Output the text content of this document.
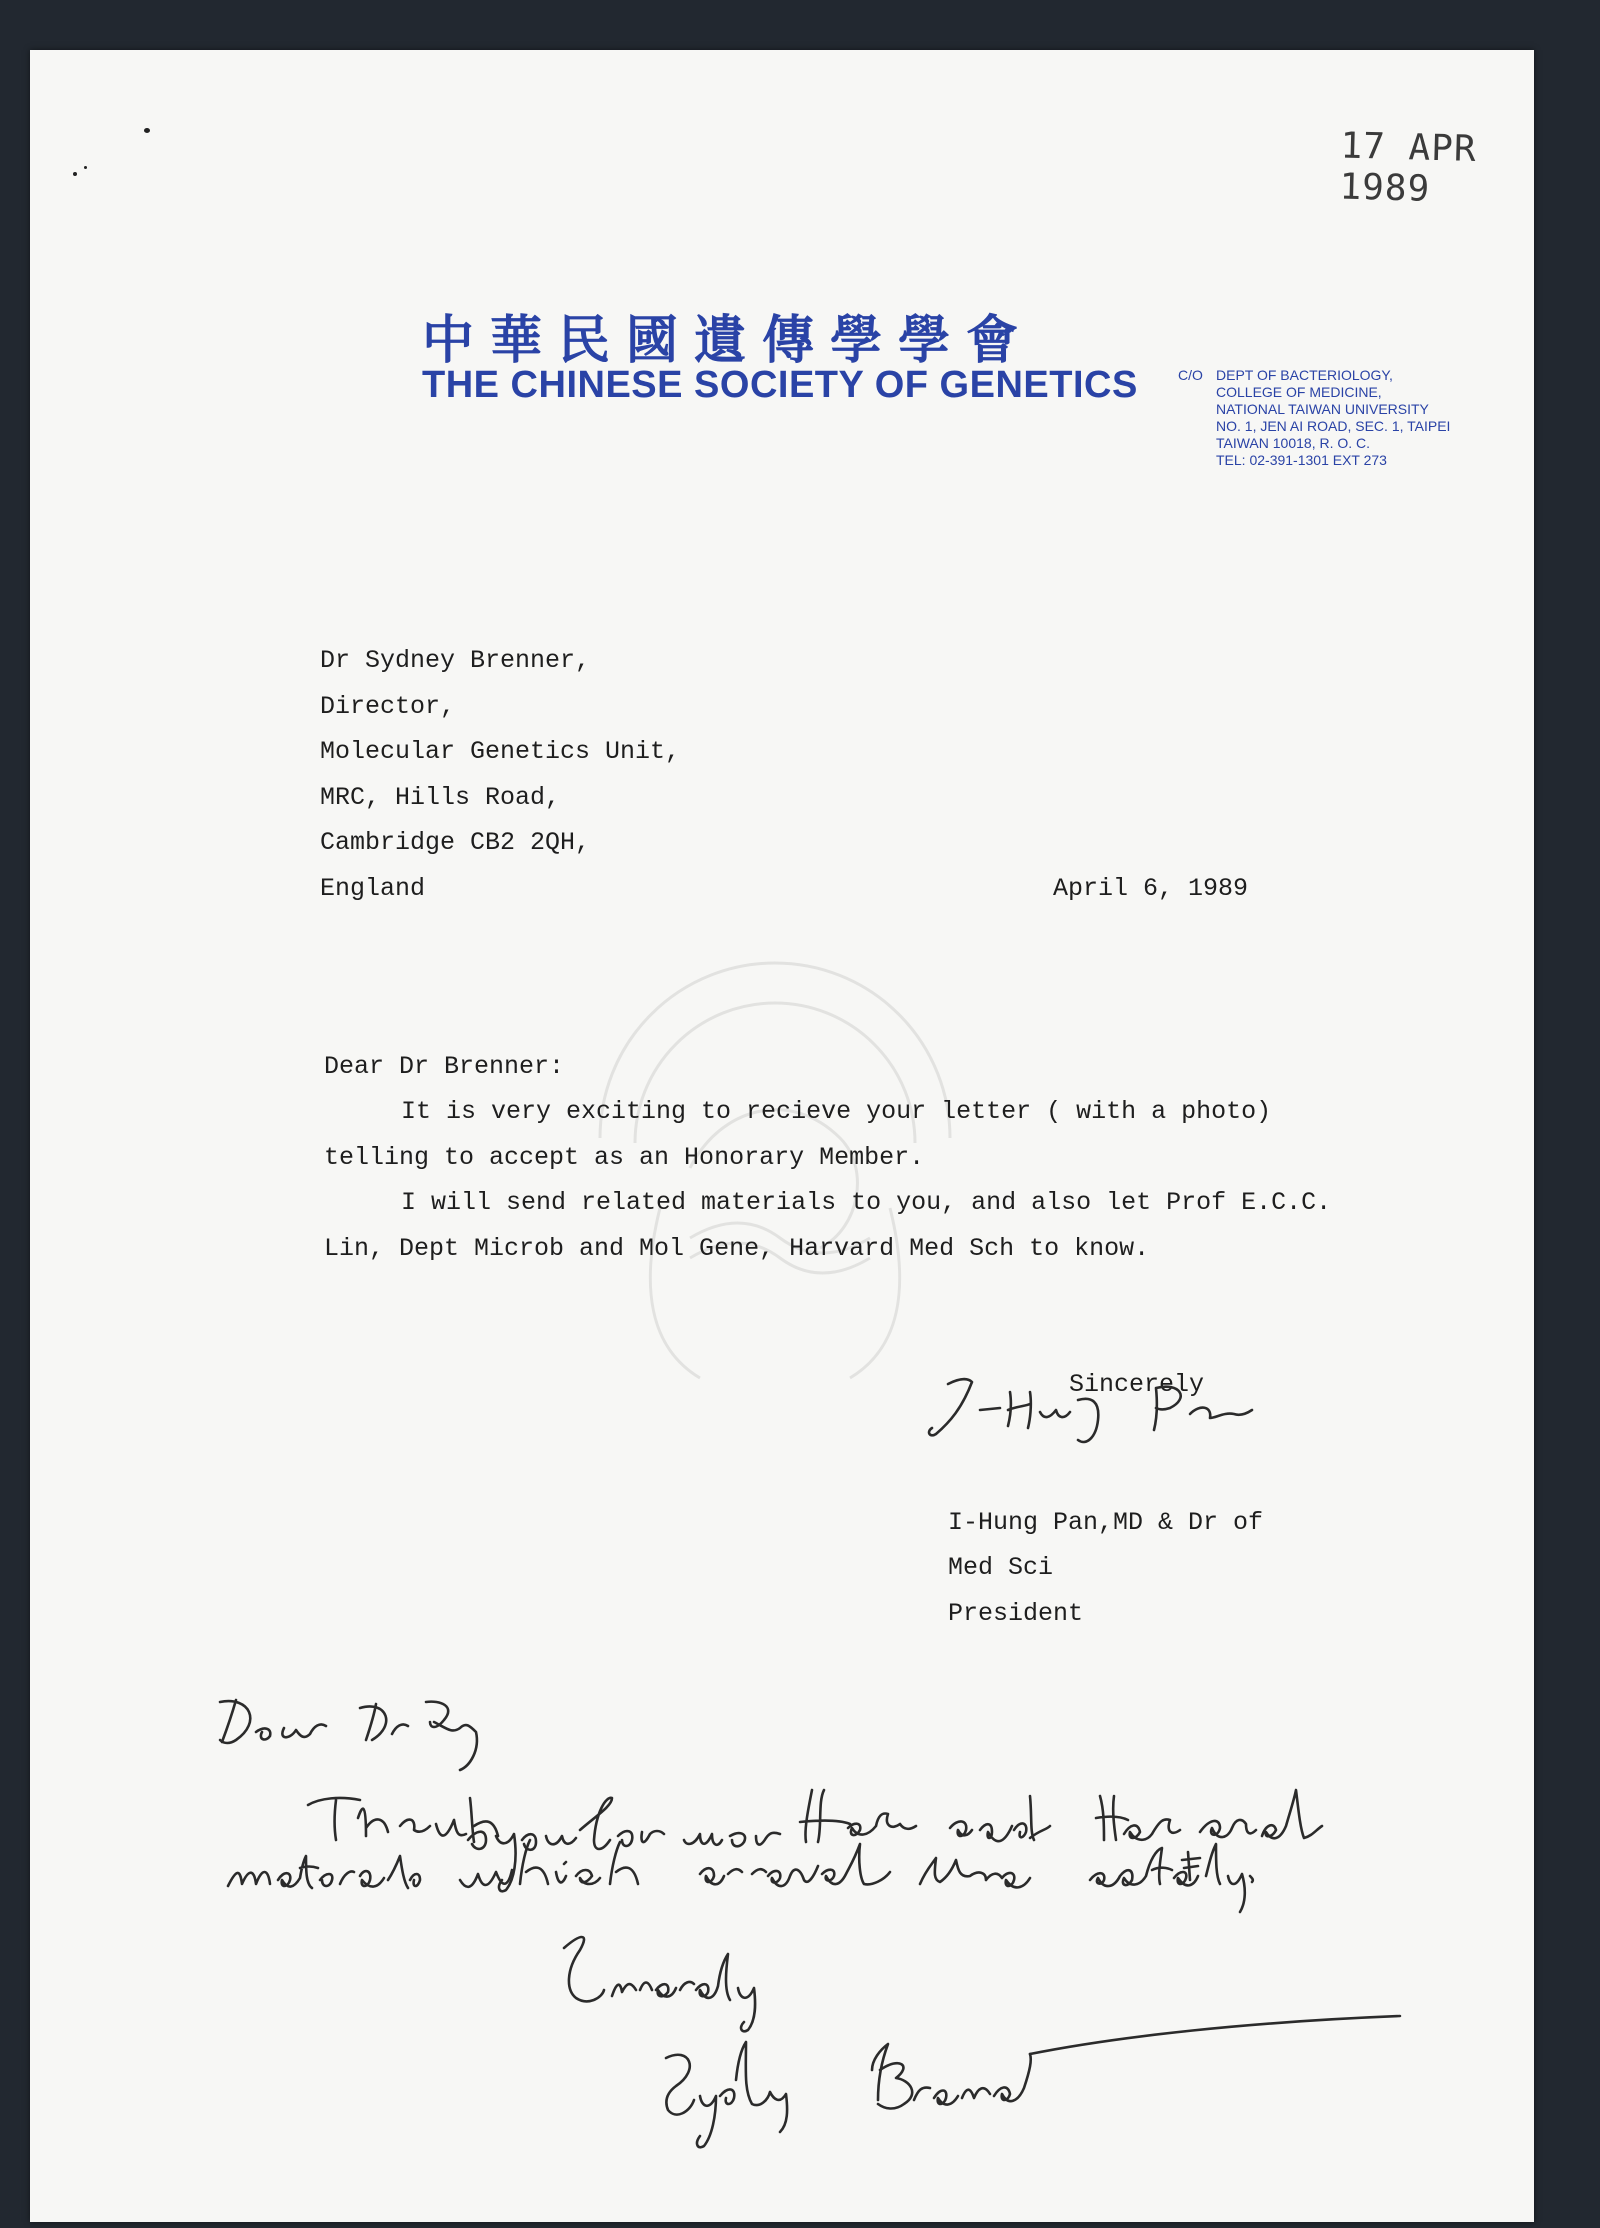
17 APR 1989
中華民國遺傳學學會
THE CHINESE SOCIETY OF GENETICS	C/O DEPT OF BACTERIOLOGY,
COLLEGE OF MEDICINE,
NATIONAL TAIWAN UNIVERSITY
NO. 1, JEN AI ROAD, SEC. 1, TAIPEI
TAIWAN 10018, R. O. C.
TEL: 02-391-1301 EXT 273
Dr Sydney Brenner,
Director,
Molecular Genetics Unit,
MRC, Hills Road,
Cambridge CB2 2QH,
England	April 6, 1989
Dear Dr Brenner:
It is very exciting to recieve your letter ( with a photo)
telling to accept as an Honorary Member.
I will send related materials to you, and also let Prof E.C.C.
Lin, Dept Microb and Mol Gene, Harvard Med Sch to know.
Sincerely
I-Hung Pan,MD & Dr of
Med Sci
President
